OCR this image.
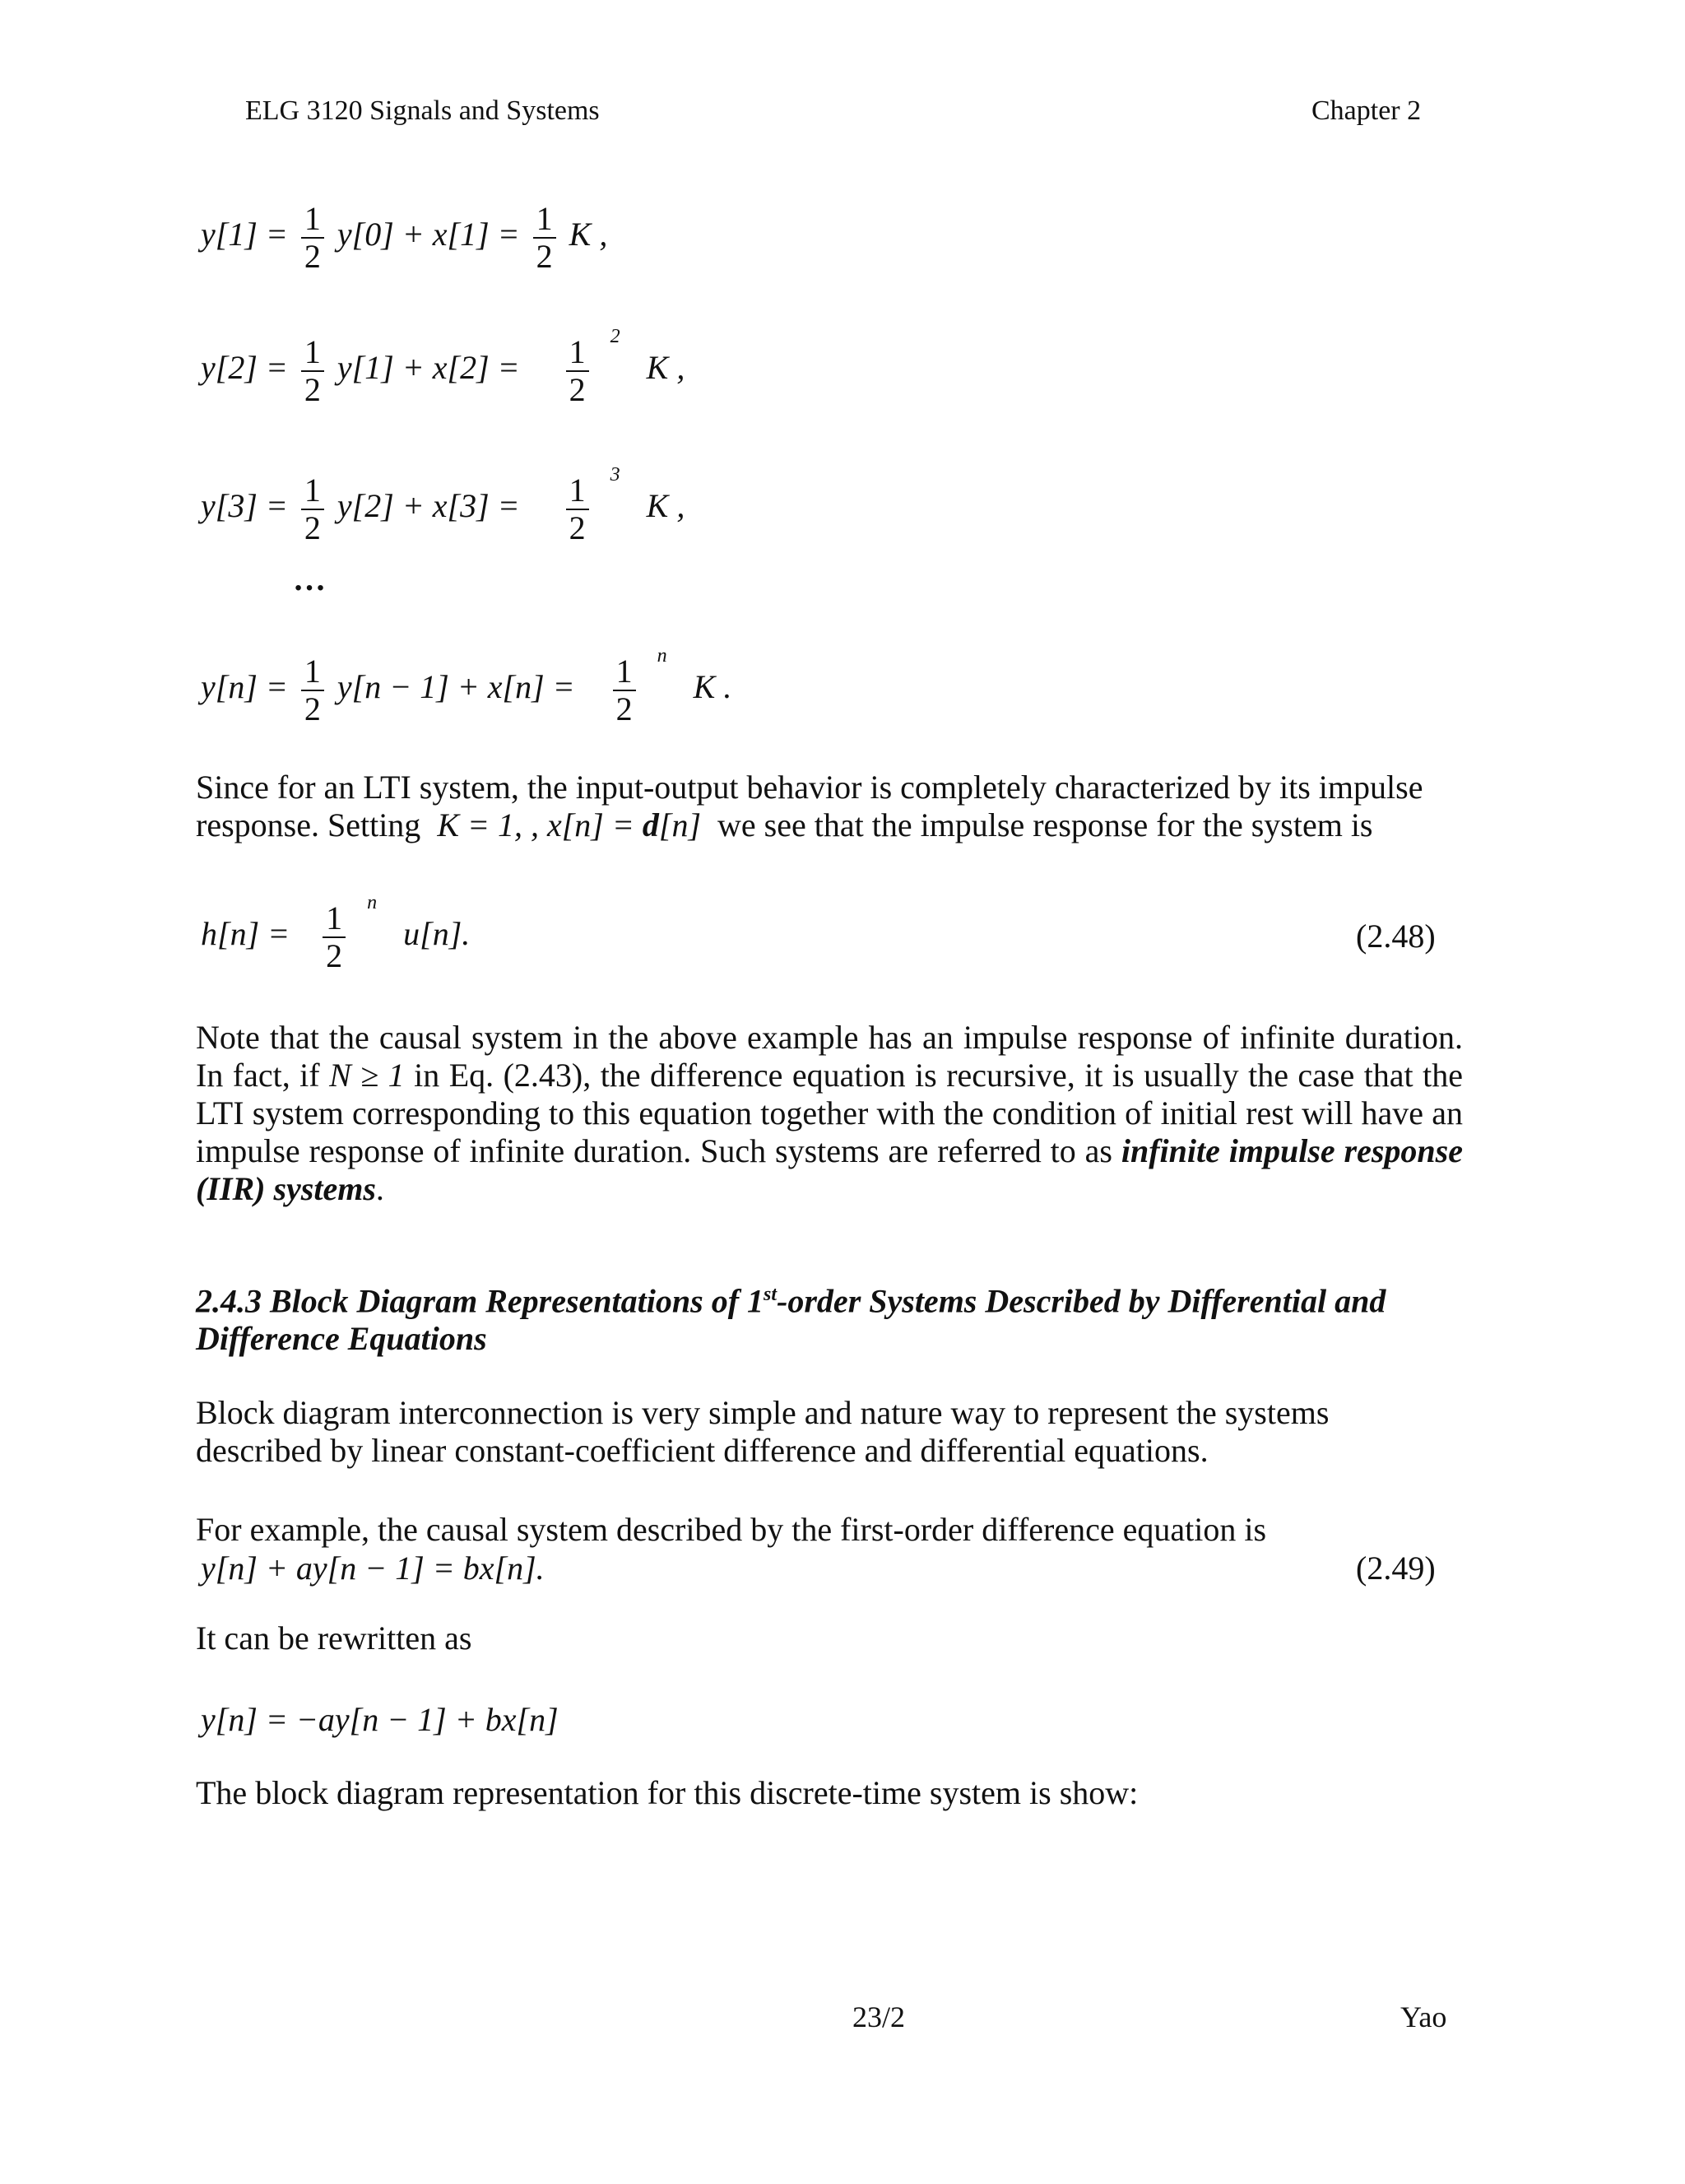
ELG 3120 Signals and Systems	Chapter 2
$y[1] = \frac{1}{2} y[0] + x[1] = \frac{1}{2}$ K ,
$y[2] = \frac{1}{2} y[1] + x[2] = \frac{1}{2} ^2$ K ,
$y[3] = \frac{1}{2} y[2] + x[3] = \frac{1}{2} ^3$ K ,
…
$y[n] = \frac{1}{2} y[n - 1] + x[n] = \frac{1}{2} ^n$ K .
Since for an LTI system, the input-output behavior is completely characterized by its impulse
response. Setting K = 1, , x[n] = d[n] we see that the impulse response for the system is
$h[n] = \frac{1}{2} ^n$ u[n].	(2.48)
Note that the causal system in the above example has an impulse response of infinite duration. In fact, if N ≥ 1 in Eq. (2.43), the difference equation is recursive, it is usually the case that the LTI system corresponding to this equation together with the condition of initial rest will have an impulse response of infinite duration. Such systems are referred to as infinite impulse response (IIR) systems.
2.4.3 Block Diagram Representations of 1st-order Systems Described by Differential and Difference Equations
Block diagram interconnection is very simple and nature way to represent the systems described by linear constant-coefficient difference and differential equations.
For example, the causal system described by the first-order difference equation is
y[n] + ay[n − 1] = bx[n].	(2.49)
It can be rewritten as
y[n] = −ay[n − 1] + bx[n]
The block diagram representation for this discrete-time system is show:
23/2	Yao
